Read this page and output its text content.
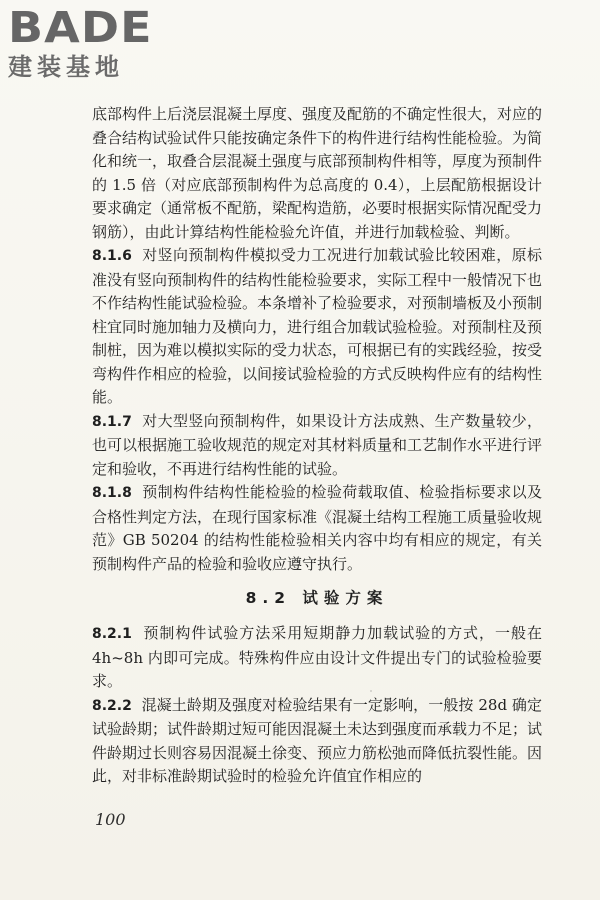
BADE
建装基地

底部构件上后浇层混凝土厚度、强度及配筋的不确定性很大，对应的叠合结构试验试件只能按确定条件下的构件进行结构性能检验。为简化和统一，取叠合层混凝土强度与底部预制构件相等，厚度为预制件的 1.5 倍（对应底部预制构件为总高度的 0.4），上层配筋根据设计要求确定（通常板不配筋，梁配构造筋，必要时根据实际情况配受力钢筋），由此计算结构性能检验允许值，并进行加载检验、判断。

8.1.6 对竖向预制构件模拟受力工况进行加载试验比较困难，原标准没有竖向预制构件的结构性能检验要求，实际工程中一般情况下也不作结构性能试验检验。本条增补了检验要求，对预制墙板及小预制柱宜同时施加轴力及横向力，进行组合加载试验检验。对预制柱及预制桩，因为难以模拟实际的受力状态，可根据已有的实践经验，按受弯构件作相应的检验，以间接试验检验的方式反映构件应有的结构性能。

8.1.7 对大型竖向预制构件，如果设计方法成熟、生产数量较少，也可以根据施工验收规范的规定对其材料质量和工艺制作水平进行评定和验收，不再进行结构性能的试验。

8.1.8 预制构件结构性能检验的检验荷载取值、检验指标要求以及合格性判定方法，在现行国家标准《混凝土结构工程施工质量验收规范》GB 50204 的结构性能检验相关内容中均有相应的规定，有关预制构件产品的检验和验收应遵守执行。

8.2 试验方案

8.2.1 预制构件试验方法采用短期静力加载试验的方式，一般在 4h~8h 内即可完成。特殊构件应由设计文件提出专门的试验检验要求。

8.2.2 混凝土龄期及强度对检验结果有一定影响，一般按 28d 确定试验龄期；试件龄期过短可能因混凝土未达到强度而承载力不足；试件龄期过长则容易因混凝土徐变、预应力筋松弛而降低抗裂性能。因此，对非标准龄期试验时的检验允许值宜作相应的

100
